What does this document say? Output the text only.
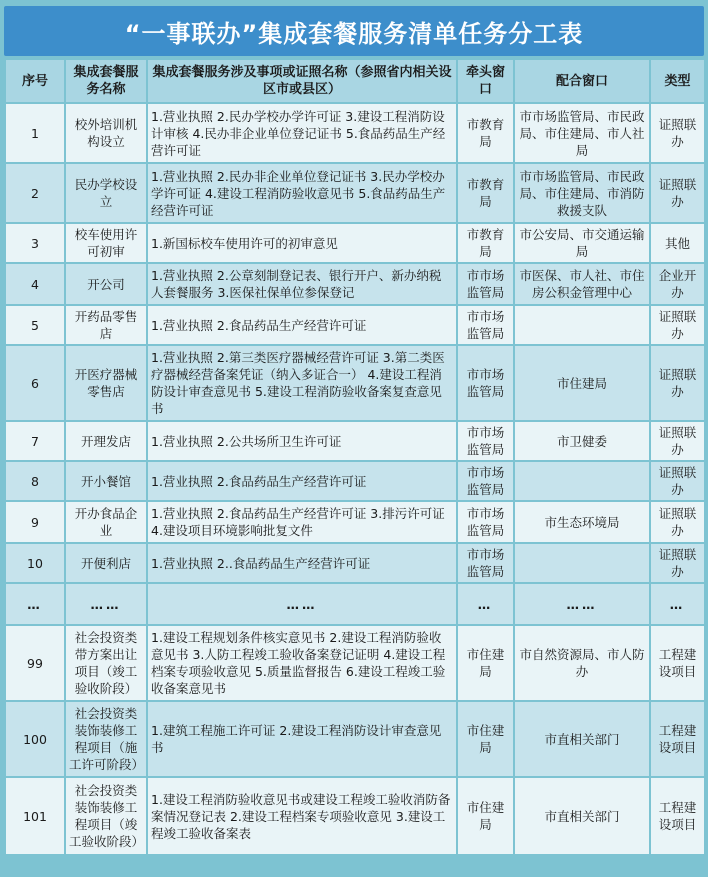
“一事联办”集成套餐服务清单任务分工表
序号	集成套餐服务名称	集成套餐服务涉及事项或证照名称（参照省内相关设区市或县区）	牵头窗口	配合窗口	类型
1	校外培训机构设立	1.营业执照 2.民办学校办学许可证 3.建设工程消防设计审核 4.民办非企业单位登记证书 5.食品药品生产经营许可证	市教育局	市市场监管局、市民政局、市住建局、市人社局	证照联办
2	民办学校设立	1.营业执照 2.民办非企业单位登记证书 3.民办学校办学许可证 4.建设工程消防验收意见书 5.食品药品生产经营许可证	市教育局	市市场监管局、市民政局、市住建局、市消防救援支队	证照联办
3	校车使用许可初审	1.新国标校车使用许可的初审意见	市教育局	市公安局、市交通运输局	其他
4	开公司	1.营业执照 2.公章刻制登记表、银行开户、新办纳税人套餐服务 3.医保社保单位参保登记	市市场监管局	市医保、市人社、市住房公积金管理中心	企业开办
5	开药品零售店	1.营业执照 2.食品药品生产经营许可证	市市场监管局		证照联办
6	开医疗器械零售店	1.营业执照 2.第三类医疗器械经营许可证 3.第二类医疗器械经营备案凭证（纳入多证合一） 4.建设工程消防设计审查意见书 5.建设工程消防验收备案复查意见书	市市场监管局	市住建局	证照联办
7	开理发店	1.营业执照 2.公共场所卫生许可证	市市场监管局	市卫健委	证照联办
8	开小餐馆	1.营业执照 2.食品药品生产经营许可证	市市场监管局		证照联办
9	开办食品企业	1.营业执照 2.食品药品生产经营许可证 3.排污许可证 4.建设项目环境影响批复文件	市市场监管局	市生态环境局	证照联办
10	开便利店	1.营业执照 2..食品药品生产经营许可证	市市场监管局		证照联办
…	……	……	…	……	…
99	社会投资类带方案出让项目（竣工验收阶段）	1.建设工程规划条件核实意见书 2.建设工程消防验收意见书 3.人防工程竣工验收备案登记证明 4.建设工程档案专项验收意见 5.质量监督报告 6.建设工程竣工验收备案意见书	市住建局	市自然资源局、市人防办	工程建设项目
100	社会投资类装饰装修工程项目（施工许可阶段）	1.建筑工程施工许可证 2.建设工程消防设计审查意见书	市住建局	市直相关部门	工程建设项目
101	社会投资类装饰装修工程项目（竣工验收阶段）	1.建设工程消防验收意见书或建设工程竣工验收消防备案情况登记表 2.建设工程档案专项验收意见 3.建设工程竣工验收备案表	市住建局	市直相关部门	工程建设项目
